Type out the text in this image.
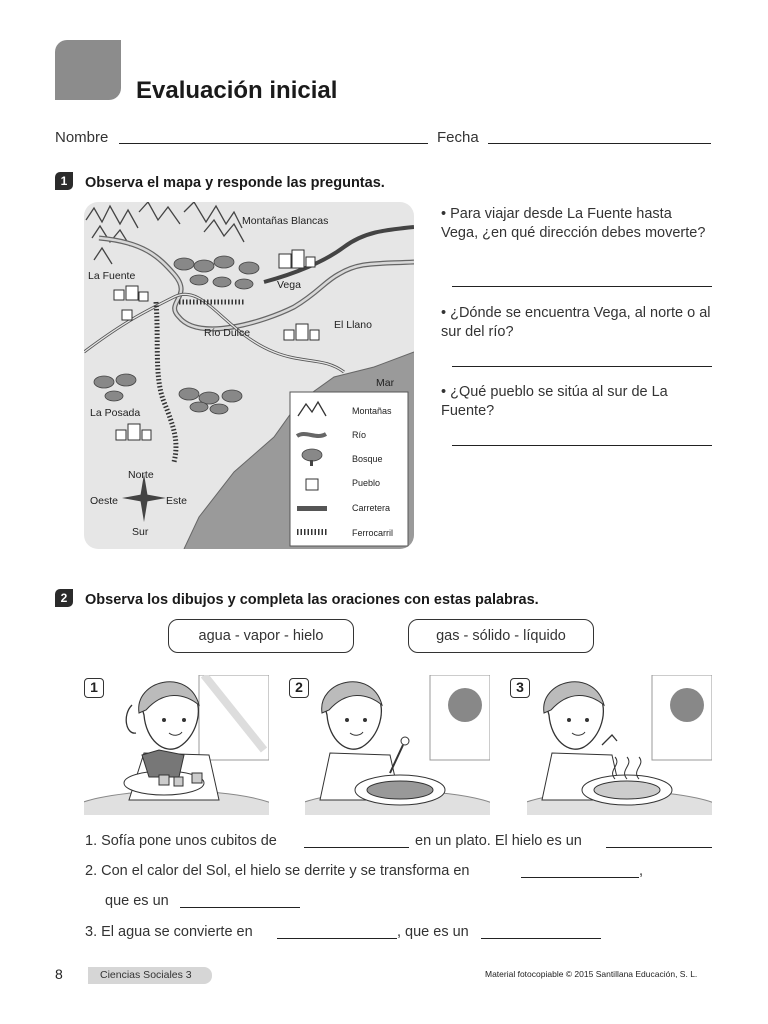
Evaluación inicial
Nombre	Fecha
1	Observa el mapa y responde las preguntas.
Montañas Blancas
La Fuente
Vega
Río Dulce
El Llano
Mar
La Posada
Norte
Sur
Oeste	Este
Montañas
Río
Bosque
Pueblo
Carretera
Ferrocarril
• Para viajar desde La Fuente hasta Vega, ¿en qué dirección debes moverte?
• ¿Dónde se encuentra Vega, al norte o al sur del río?
• ¿Qué pueblo se sitúa al sur de La Fuente?
2	Observa los dibujos y completa las oraciones con estas palabras.
agua - vapor - hielo	gas - sólido - líquido
1	2	3
1. Sofía pone unos cubitos de	en un plato. El hielo es un
2. Con el calor del Sol, el hielo se derrite y se transforma en	,
que es un
3. El agua se convierte en	, que es un
8	Ciencias Sociales 3	Material fotocopiable © 2015 Santillana Educación, S. L.
